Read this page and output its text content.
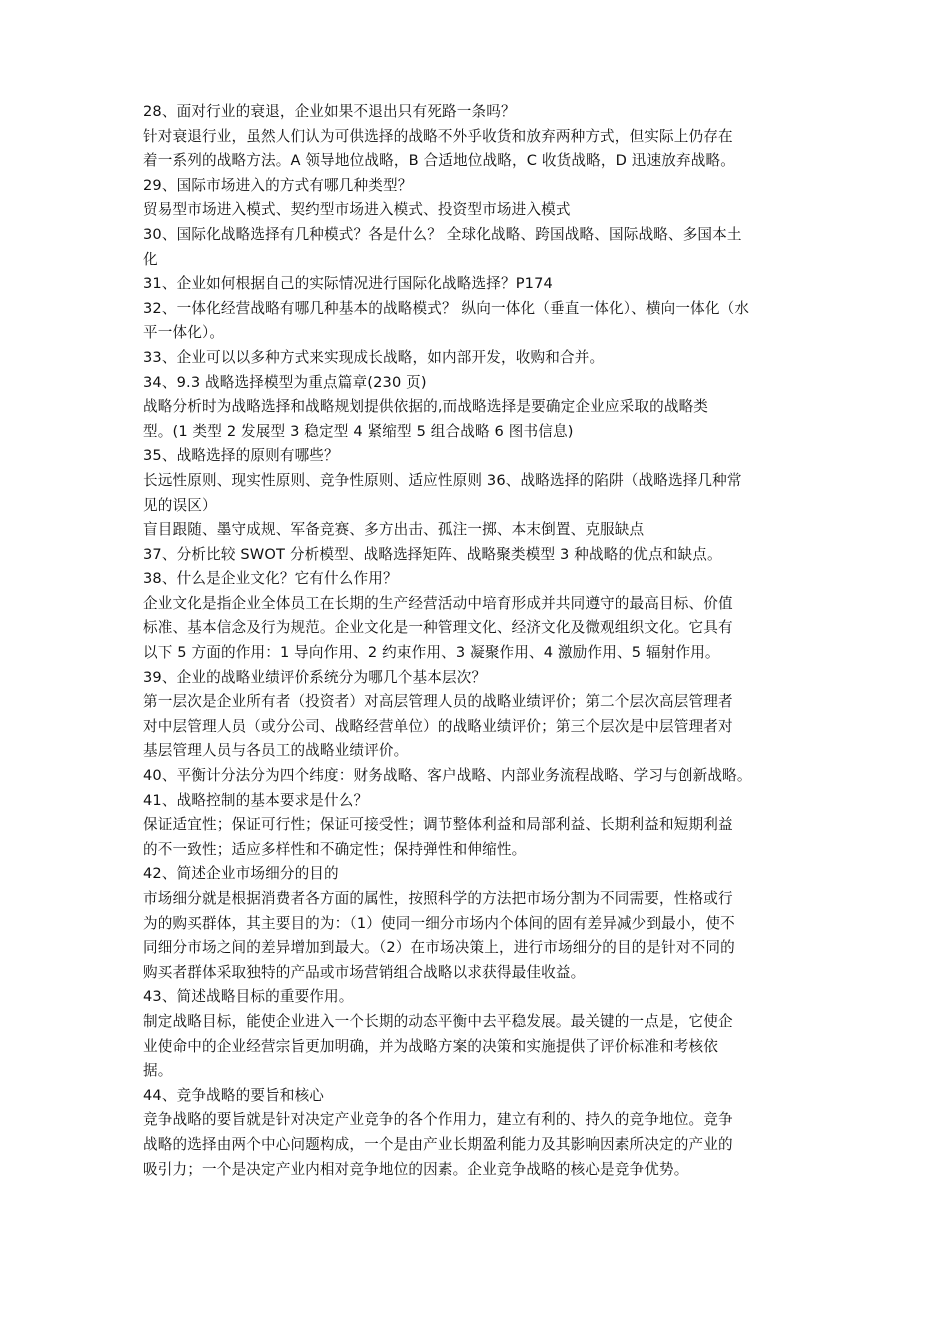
28、面对行业的衰退，企业如果不退出只有死路一条吗？
针对衰退行业，虽然人们认为可供选择的战略不外乎收货和放弃两种方式，但实际上仍存在
着一系列的战略方法。A 领导地位战略，B 合适地位战略，C 收货战略，D 迅速放弃战略。
29、国际市场进入的方式有哪几种类型？
贸易型市场进入模式、契约型市场进入模式、投资型市场进入模式
30、国际化战略选择有几种模式？各是什么？ 全球化战略、跨国战略、国际战略、多国本土
化
31、企业如何根据自己的实际情况进行国际化战略选择？P174
32、一体化经营战略有哪几种基本的战略模式？ 纵向一体化（垂直一体化）、横向一体化（水
平一体化）。
33、企业可以以多种方式来实现成长战略，如内部开发，收购和合并。
34、9.3 战略选择模型为重点篇章(230 页)
战略分析时为战略选择和战略规划提供依据的,而战略选择是要确定企业应采取的战略类
型。(1 类型 2 发展型 3 稳定型 4 紧缩型 5 组合战略 6 图书信息)
35、战略选择的原则有哪些？
长远性原则、现实性原则、竞争性原则、适应性原则 36、战略选择的陷阱（战略选择几种常
见的误区）
盲目跟随、墨守成规、军备竞赛、多方出击、孤注一掷、本末倒置、克服缺点
37、分析比较 SWOT 分析模型、战略选择矩阵、战略聚类模型 3 种战略的优点和缺点。
38、什么是企业文化？它有什么作用？
企业文化是指企业全体员工在长期的生产经营活动中培育形成并共同遵守的最高目标、价值
标准、基本信念及行为规范。企业文化是一种管理文化、经济文化及微观组织文化。它具有
以下 5 方面的作用：1 导向作用、2 约束作用、3 凝聚作用、4 激励作用、5 辐射作用。
39、企业的战略业绩评价系统分为哪几个基本层次？
第一层次是企业所有者（投资者）对高层管理人员的战略业绩评价；第二个层次高层管理者
对中层管理人员（或分公司、战略经营单位）的战略业绩评价；第三个层次是中层管理者对
基层管理人员与各员工的战略业绩评价。
40、平衡计分法分为四个纬度：财务战略、客户战略、内部业务流程战略、学习与创新战略。
41、战略控制的基本要求是什么？
保证适宜性；保证可行性；保证可接受性；调节整体利益和局部利益、长期利益和短期利益
的不一致性；适应多样性和不确定性；保持弹性和伸缩性。
42、简述企业市场细分的目的
市场细分就是根据消费者各方面的属性，按照科学的方法把市场分割为不同需要，性格或行
为的购买群体，其主要目的为：（1）使同一细分市场内个体间的固有差异减少到最小，使不
同细分市场之间的差异增加到最大。（2）在市场决策上，进行市场细分的目的是针对不同的
购买者群体采取独特的产品或市场营销组合战略以求获得最佳收益。
43、简述战略目标的重要作用。
制定战略目标，能使企业进入一个长期的动态平衡中去平稳发展。最关键的一点是，它使企
业使命中的企业经营宗旨更加明确，并为战略方案的决策和实施提供了评价标准和考核依
据。
44、竞争战略的要旨和核心
竞争战略的要旨就是针对决定产业竞争的各个作用力，建立有利的、持久的竞争地位。竞争
战略的选择由两个中心问题构成，一个是由产业长期盈利能力及其影响因素所决定的产业的
吸引力；一个是决定产业内相对竞争地位的因素。企业竞争战略的核心是竞争优势。
